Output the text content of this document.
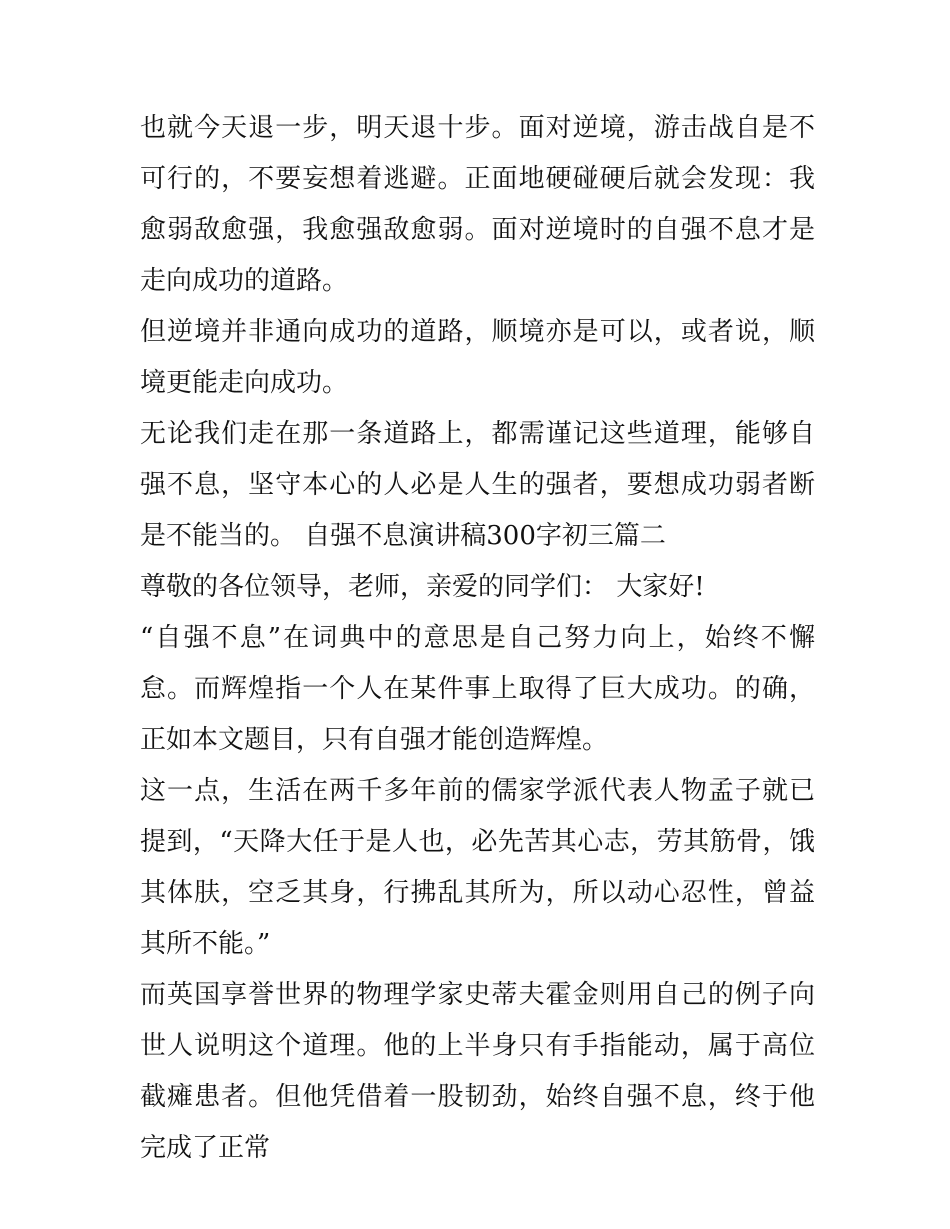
也就今天退一步，明天退十步。面对逆境，游击战自是不可行的，不要妄想着逃避。正面地硬碰硬后就会发现：我愈弱敌愈强，我愈强敌愈弱。面对逆境时的自强不息才是走向成功的道路。

但逆境并非通向成功的道路，顺境亦是可以，或者说，顺境更能走向成功。

无论我们走在那一条道路上，都需谨记这些道理，能够自强不息，坚守本心的人必是人生的强者，要想成功弱者断是不能当的。 自强不息演讲稿300字初三篇二

尊敬的各位领导，老师，亲爱的同学们： 大家好!

“自强不息”在词典中的意思是自己努力向上，始终不懈怠。而辉煌指一个人在某件事上取得了巨大成功。的确，正如本文题目，只有自强才能创造辉煌。

这一点，生活在两千多年前的儒家学派代表人物孟子就已提到，“天降大任于是人也，必先苦其心志，劳其筋骨，饿其体肤，空乏其身，行拂乱其所为，所以动心忍性，曾益其所不能。”

而英国享誉世界的物理学家史蒂夫霍金则用自己的例子向世人说明这个道理。他的上半身只有手指能动，属于高位截瘫患者。但他凭借着一股韧劲，始终自强不息，终于他完成了正常
